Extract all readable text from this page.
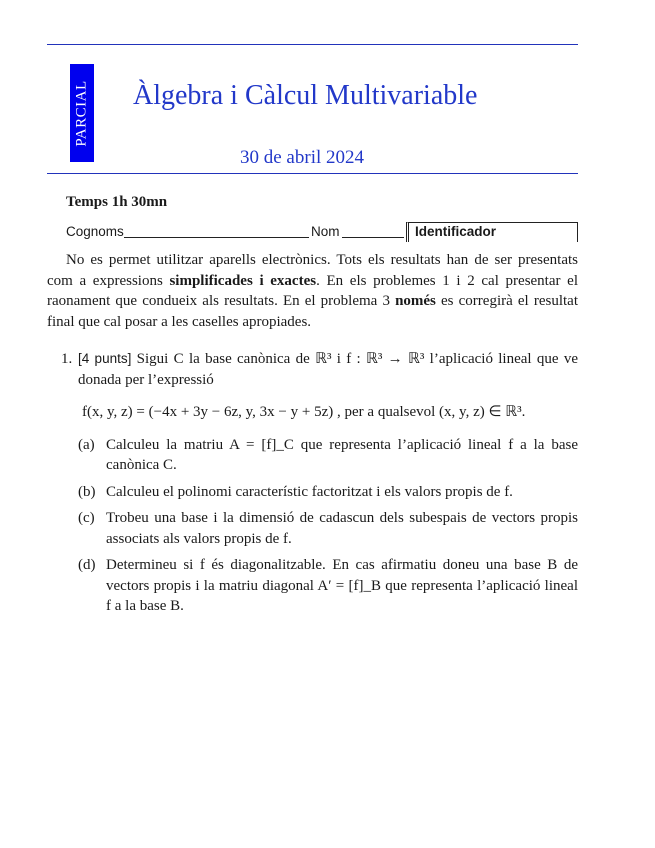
PARCIAL Àlgebra i Càlcul Multivariable
30 de abril 2024
Temps 1h 30mn
Cognoms	Nom	Identificador

No es permet utilitzar aparells electrònics. Tots els resultats han de ser presentats com a expressions simplificades i exactes. En els problemes 1 i 2 cal presentar el raonament que condueix als resultats. En el problema 3 només es corregirà el resultat final que cal posar a les caselles apropiades.

1. [4 punts] Sigui C la base canònica de ℝ³ i f : ℝ³ → ℝ³ l’aplicació lineal que ve donada per l’expressió
f(x, y, z) = (−4x + 3y − 6z, y, 3x − y + 5z) , per a qualsevol (x, y, z) ∈ ℝ³.
(a) Calculeu la matriu A = [f]_C que representa l’aplicació lineal f a la base canònica C.
(b) Calculeu el polinomi característic factoritzat i els valors propis de f.
(c) Trobeu una base i la dimensió de cadascun dels subespais de vectors propis associats als valors propis de f.
(d) Determineu si f és diagonalitzable. En cas afirmatiu doneu una base B de vectors propis i la matriu diagonal A′ = [f]_B que representa l’aplicació lineal f a la base B.
